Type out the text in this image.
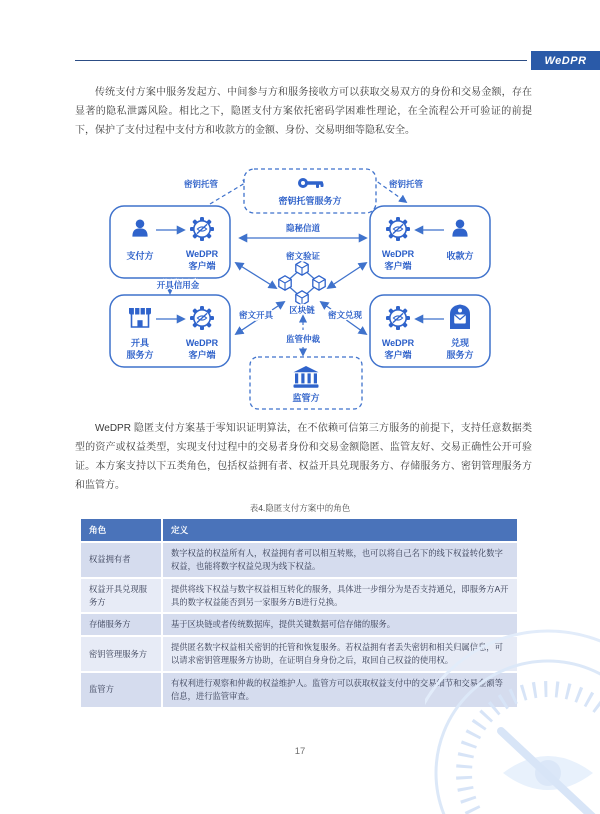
WeDPR
传统支付方案中服务发起方、中间参与方和服务接收方可以获取交易双方的身份和交易金额，存在显著的隐私泄露风险。相比之下，隐匿支付方案依托密码学困难性理论，在全流程公开可验证的前提下，保护了支付过程中支付方和收款方的金额、身份、交易明细等隐私安全。
密钥托管服务方
支付方	WeDPR
客户端
WeDPR
客户端
收款方
开具
服务方
WeDPR
客户端
WeDPR
客户端
兑现
服务方
区块链
监管方
密钥托管	密钥托管
隐秘信道
密文验证
开具信用金
密文开具	密文兑现
监管仲裁
WeDPR 隐匿支付方案基于零知识证明算法，在不依赖可信第三方服务的前提下，支持任意数据类型的资产或权益类型，实现支付过程中的交易者身份和交易金额隐匿、监管友好、交易正确性公开可验证。本方案支持以下五类角色，包括权益拥有者、权益开具兑现服务方、存储服务方、密钥管理服务方和监管方。
表4.隐匿支付方案中的角色
角色	定义
权益拥有者	数字权益的权益所有人，权益拥有者可以相互转账，也可以将自己名下的线下权益转化数字权益，也能将数字权益兑现为线下权益。
权益开具兑现服务方	提供将线下权益与数字权益相互转化的服务，具体进一步细分为是否支持通兑，即服务方A开具的数字权益能否到另一家服务方B进行兑换。
存储服务方	基于区块链或者传统数据库，提供关键数据可信存储的服务。
密钥管理服务方	提供匿名数字权益相关密钥的托管和恢复服务。若权益拥有者丢失密钥和相关归属信息，可以请求密钥管理服务方协助，在证明自身身份之后，取回自己权益的使用权。
监管方	有权利进行观察和仲裁的权益维护人。监管方可以获取权益支付中的交易细节和交易金额等信息，进行监管审查。
17
